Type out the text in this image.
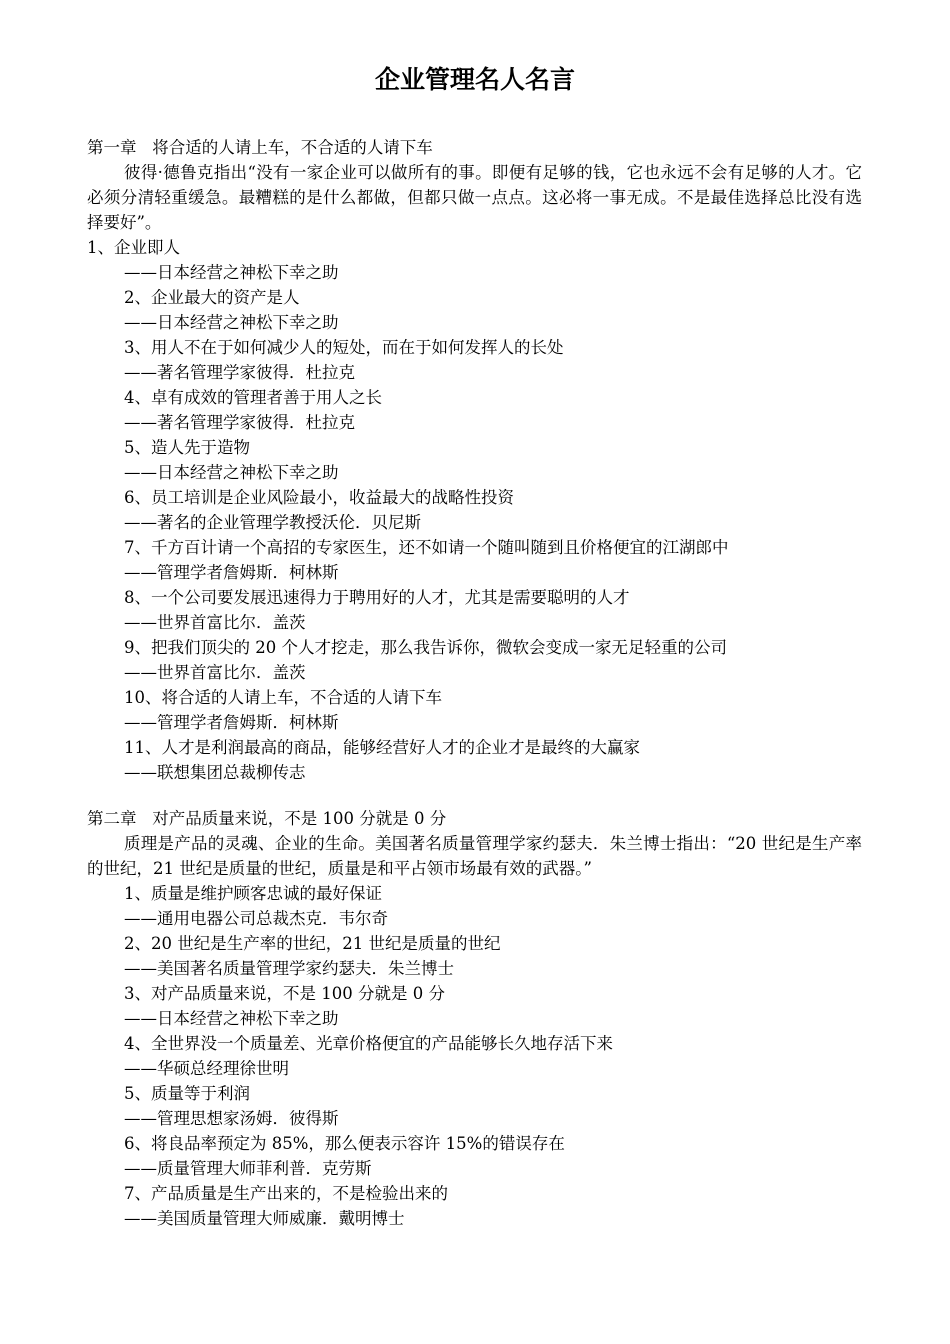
企业管理名人名言
第一章   将合适的人请上车，不合适的人请下车

彼得·德鲁克指出“没有一家企业可以做所有的事。即便有足够的钱，它也永远不会有足够的人才。它必须分清轻重缓急。最糟糕的是什么都做，但都只做一点点。这必将一事无成。不是最佳选择总比没有选择要好”。

1、企业即人
——日本经营之神松下幸之助
2、企业最大的资产是人
——日本经营之神松下幸之助
3、用人不在于如何减少人的短处，而在于如何发挥人的长处
——著名管理学家彼得．杜拉克
4、卓有成效的管理者善于用人之长
——著名管理学家彼得．杜拉克
5、造人先于造物
——日本经营之神松下幸之助
6、员工培训是企业风险最小，收益最大的战略性投资
——著名的企业管理学教授沃伦．贝尼斯
7、千方百计请一个高招的专家医生，还不如请一个随叫随到且价格便宜的江湖郎中
——管理学者詹姆斯．柯林斯
8、一个公司要发展迅速得力于聘用好的人才，尤其是需要聪明的人才
——世界首富比尔．盖茨
9、把我们顶尖的 20 个人才挖走，那么我告诉你，微软会变成一家无足轻重的公司
——世界首富比尔．盖茨
10、将合适的人请上车，不合适的人请下车
——管理学者詹姆斯．柯林斯
11、人才是利润最高的商品，能够经营好人才的企业才是最终的大赢家
——联想集团总裁柳传志
第二章   对产品质量来说，不是 100 分就是 0 分

质理是产品的灵魂、企业的生命。美国著名质量管理学家约瑟夫．朱兰博士指出：“20 世纪是生产率的世纪，21 世纪是质量的世纪，质量是和平占领市场最有效的武器。”

1、质量是维护顾客忠诚的最好保证
——通用电器公司总裁杰克．韦尔奇
2、20 世纪是生产率的世纪，21 世纪是质量的世纪
——美国著名质量管理学家约瑟夫．朱兰博士
3、对产品质量来说，不是 100 分就是 0 分
——日本经营之神松下幸之助
4、全世界没一个质量差、光章价格便宜的产品能够长久地存活下来
——华硕总经理徐世明
5、质量等于利润
——管理思想家汤姆．彼得斯
6、将良品率预定为 85%，那么便表示容许 15%的错误存在
——质量管理大师菲利普．克劳斯
7、产品质量是生产出来的，不是检验出来的
——美国质量管理大师威廉．戴明博士
